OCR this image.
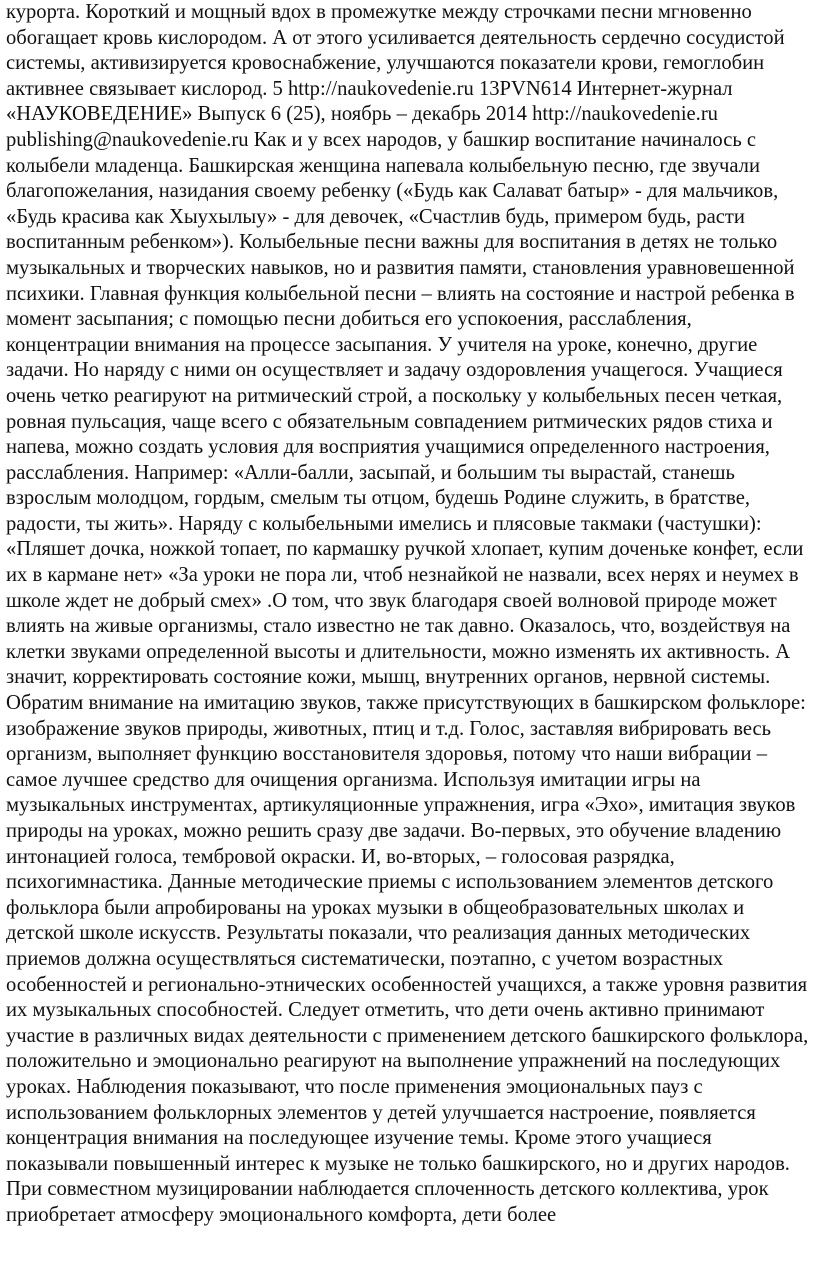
курорта. Короткий и мощный вдох в промежутке между строчками песни мгновенно обогащает кровь кислородом. А от этого усиливается деятельность сердечно сосудистой системы, активизируется кровоснабжение, улучшаются показатели крови, гемоглобин активнее связывает кислород. 5 http://naukovedenie.ru 13PVN614 Интернет-журнал «НАУКОВЕДЕНИЕ» Выпуск 6 (25), ноябрь – декабрь 2014 http://naukovedenie.ru publishing@naukovedenie.ru Как и у всех народов, у башкир воспитание начиналось с колыбели младенца. Башкирская женщина напевала колыбельную песню, где звучали благопожелания, назидания своему ребенку («Будь как Салават батыр» - для мальчиков, «Будь красива как Хыухылыу» - для девочек, «Счастлив будь, примером будь, расти воспитанным ребенком»). Колыбельные песни важны для воспитания в детях не только музыкальных и творческих навыков, но и развития памяти, становления уравновешенной психики. Главная функция колыбельной песни – влиять на состояние и настрой ребенка в момент засыпания; с помощью песни добиться его успокоения, расслабления, концентрации внимания на процессе засыпания. У учителя на уроке, конечно, другие задачи. Но наряду с ними он осуществляет и задачу оздоровления учащегося. Учащиеся очень четко реагируют на ритмический строй, а поскольку у колыбельных песен четкая, ровная пульсация, чаще всего с обязательным совпадением ритмических рядов стиха и напева, можно создать условия для восприятия учащимися определенного настроения, расслабления. Например: «Алли-балли, засыпай, и большим ты вырастай, станешь взрослым молодцом, гордым, смелым ты отцом, будешь Родине служить, в братстве, радости, ты жить». Наряду с колыбельными имелись и плясовые такмаки (частушки): «Пляшет дочка, ножкой топает, по кармашку ручкой хлопает, купим доченьке конфет, если их в кармане нет» «За уроки не пора ли, чтоб незнайкой не назвали, всех нерях и неумех в школе ждет не добрый смех» .О том, что звук благодаря своей волновой природе может влиять на живые организмы, стало известно не так давно. Оказалось, что, воздействуя на клетки звуками определенной высоты и длительности, можно изменять их активность. А значит, корректировать состояние кожи, мышц, внутренних органов, нервной системы. Обратим внимание на имитацию звуков, также присутствующих в башкирском фольклоре: изображение звуков природы, животных, птиц и т.д. Голос, заставляя вибрировать весь организм, выполняет функцию восстановителя здоровья, потому что наши вибрации – самое лучшее средство для очищения организма. Используя имитации игры на музыкальных инструментах, артикуляционные упражнения, игра «Эхо», имитация звуков природы на уроках, можно решить сразу две задачи. Во-первых, это обучение владению интонацией голоса, тембровой окраски. И, во-вторых, – голосовая разрядка, психогимнастика. Данные методические приемы с использованием элементов детского фольклора были апробированы на уроках музыки в общеобразовательных школах и детской школе искусств. Результаты показали, что реализация данных методических приемов должна осуществляться систематически, поэтапно, с учетом возрастных особенностей и регионально-этнических особенностей учащихся, а также уровня развития их музыкальных способностей. Следует отметить, что дети очень активно принимают участие в различных видах деятельности с применением детского башкирского фольклора, положительно и эмоционально реагируют на выполнение упражнений на последующих уроках. Наблюдения показывают, что после применения эмоциональных пауз с использованием фольклорных элементов у детей улучшается настроение, появляется концентрация внимания на последующее изучение темы. Кроме этого учащиеся показывали повышенный интерес к музыке не только башкирского, но и других народов. При совместном музицировании наблюдается сплоченность детского коллектива, урок приобретает атмосферу эмоционального комфорта, дети более
